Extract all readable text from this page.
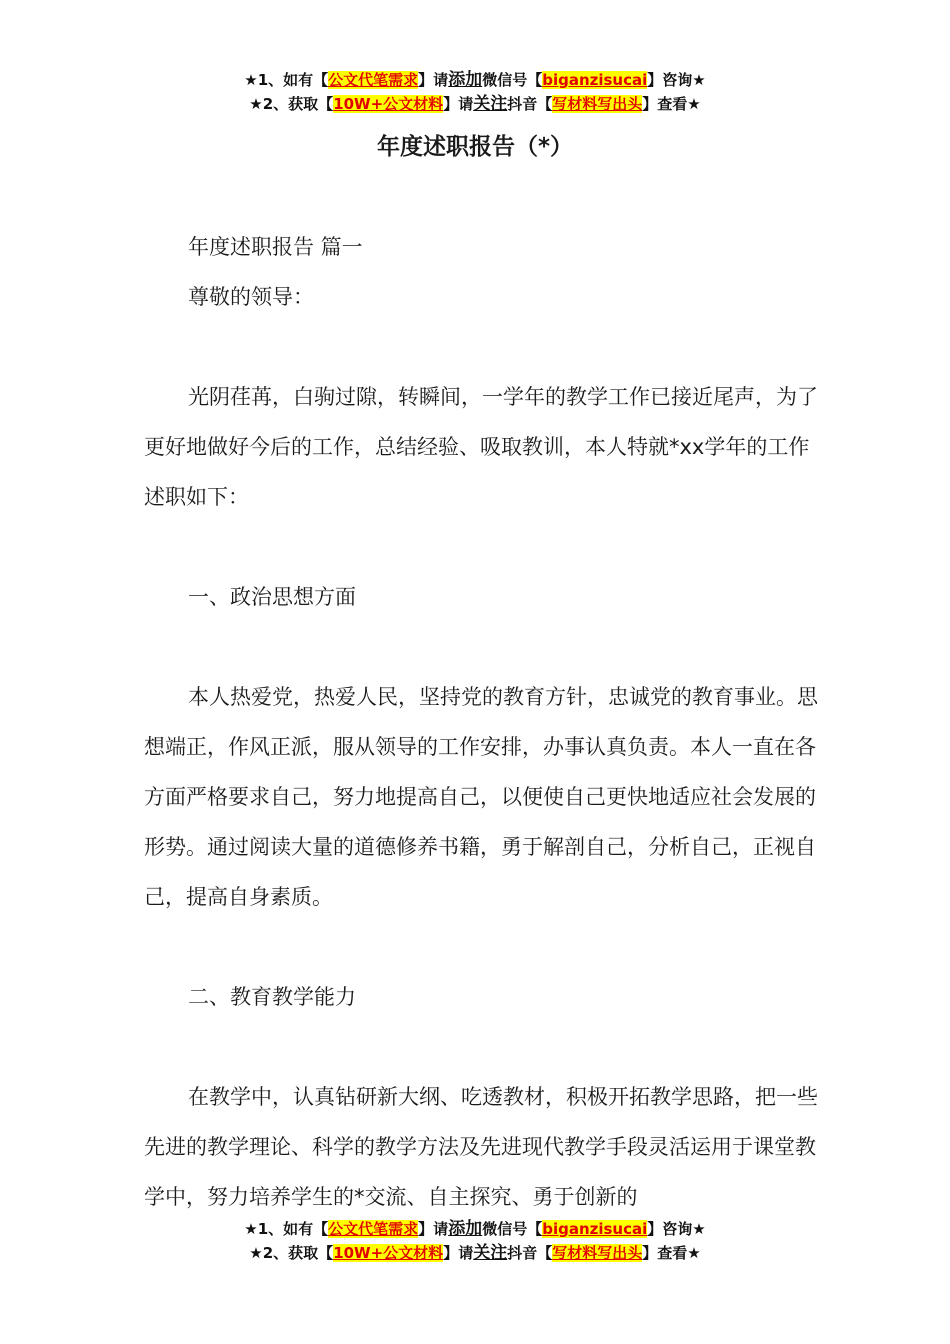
★1、如有【公文代笔需求】请添加微信号【biganzisucai】咨询★
★2、获取【10W+公文材料】请关注抖音【写材料写出头】查看★
年度述职报告（*）

年度述职报告 篇一

尊敬的领导：

光阴荏苒，白驹过隙，转瞬间，一学年的教学工作已接近尾声，为了更好地做好今后的工作，总结经验、吸取教训，本人特就*xx学年的工作述职如下：

一、政治思想方面

本人热爱党，热爱人民，坚持党的教育方针，忠诚党的教育事业。思想端正，作风正派，服从领导的工作安排，办事认真负责。本人一直在各方面严格要求自己，努力地提高自己，以便使自己更快地适应社会发展的形势。通过阅读大量的道德修养书籍，勇于解剖自己，分析自己，正视自己，提高自身素质。

二、教育教学能力

在教学中，认真钻研新大纲、吃透教材，积极开拓教学思路，把一些先进的教学理论、科学的教学方法及先进现代教学手段灵活运用于课堂教学中，努力培养学生的*交流、自主探究、勇于创新的

★1、如有【公文代笔需求】请添加微信号【biganzisucai】咨询★
★2、获取【10W+公文材料】请关注抖音【写材料写出头】查看★
